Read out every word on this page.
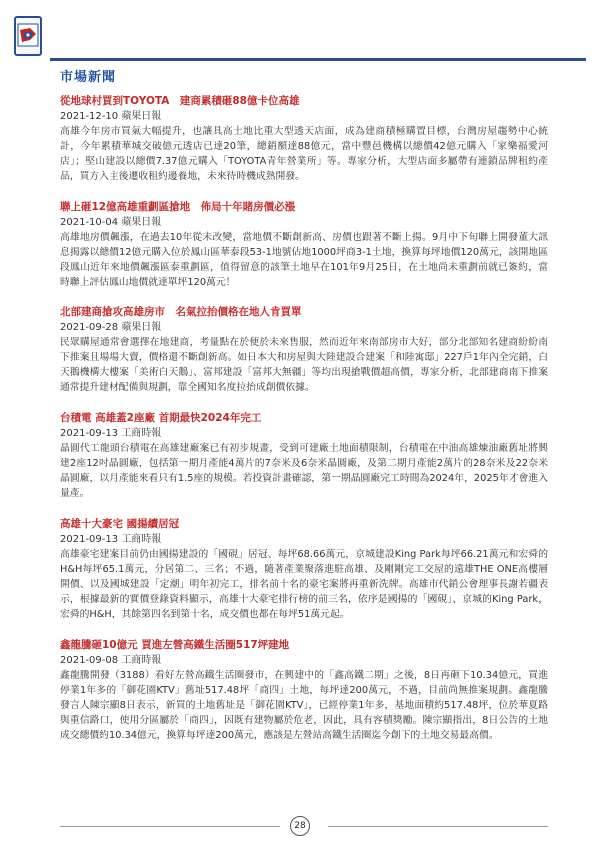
市場新聞
從地球村買到TOYOTA　建商累積砸88億卡位高雄
2021-12-10 蘋果日報

高雄今年房市買氣大幅提升，也讓具高土地比重大型透天店面，成為建商積極購置目標，台灣房屋趨勢中心統計，今年累積華城交破億元透店已達20筆，總銷額達88億元，當中豐邑機構以總價42億元購入「家樂福愛河店」；堅山建設以總價7.37億元購入「TOYOTA青年營業所」等。專家分析，大型店面多屬帶有連鎖品牌租約產品，買方入主後遷收租約邊養地，未來待時機成熟開發。

聯上砸12億高雄重劃區搶地　佈局十年賭房價必漲
2021-10-04 蘋果日報

高雄地房價飆漲，在過去10年從未改變，當地價不斷創新高、房價也跟著不斷上揚。9月中下旬聯上開發董大訊息揭露以總價12億元購入位於鳳山區華泰段53-1地號佔地1000坪商3-1土地，換算每坪地價120萬元，該開地區段鳳山近年來地價飆漲區泰重劃區，值得留意的該筆土地早在101年9月25日，在土地尚未重劃前就已簽約，當時聯上評估鳳山地價就達單坪120萬元！

北部建商搶攻高雄房市　名氣拉抬價格在地人肯買單
2021-09-28 蘋果日報

民眾購屋通常會選擇在地建商，考量點在於便於未來售服，然而近年來南部房市大好，部分北部知名建商紛紛南下推案且場場大賣，價格還不斷創新高。如日本大和房屋與大陸建設合建案「和陸寓邸」227戶1年內全完銷，白天鵝機構大樓案「美術白天鵝」、富邦建設「富邦大無疆」等均出現搶戰價超高價，專家分析，北部建商南下推案通常提升建材配備與規劃，靠全國知名度拉抬成創價依據。

台積電 高雄蓋2座廠 首期最快2024年完工
2021-09-13 工商時報

晶圓代工龍頭台積電在高雄建廠案已有初步規畫，受到可建廠土地面積限制，台積電在中油高雄煉油廠舊址將興建2座12吋晶圓廠，包括第一期月產能4萬片的7奈米及6奈米晶圓廠，及第二期月產能2萬片的28奈米及22奈米晶圓廠，以月產能來看只有1.5座的規模。若投資計畫確認，第一期晶圓廠完工時間為2024年，2025年才會進入量產。

高雄十大豪宅 國揚續居冠
2021-09-13 工商時報

高雄豪宅建案目前仍由國揚建設的「國硯」居冠、每坪68.66萬元，京城建設King Park每坪66.21萬元和宏舜的H&H每坪65.1萬元，分居第二、三名；不過，隨著產業聚落進駐高雄、及剛剛完工交屋的遠雄THE ONE高樓層開價、以及國城建設「定潮」明年初完工，排名前十名的豪宅案將再重新洗牌。高雄市代銷公會理事長謝若疆表示，根據最新的實價登錄資料顯示，高雄十大豪宅排行榜的前三名，依序是國揚的「國硯」、京城的King Park，宏舜的H&H，其餘第四名到第十名，成交價也都在每坪51萬元起。

鑫龍騰砸10億元 買進左營高鐵生活圈517坪建地
2021-09-08 工商時報

鑫龍騰開發（3188）看好左營高鐵生活圈發市，在興建中的「鑫高鐵二期」之後，8日再砸下10.34億元，買進停業1年多的「御花園KTV」舊址517.48坪「商四」土地，每坪達200萬元，不過，目前尚無推案規劃。鑫龍騰發言人陳宗顯8日表示，新買的土地舊址是「御花園KTV」，已經停業1年多，基地面積約517.48坪，位於華夏路與重信路口，使用分區屬於「商四」，因既有建物屬於危老，因此，具有容積獎勵。陳宗顯指出，8日公告的土地成交總價約10.34億元，換算每坪達200萬元，應該是左營站高鐵生活圈迄今創下的土地交易最高價。

28
